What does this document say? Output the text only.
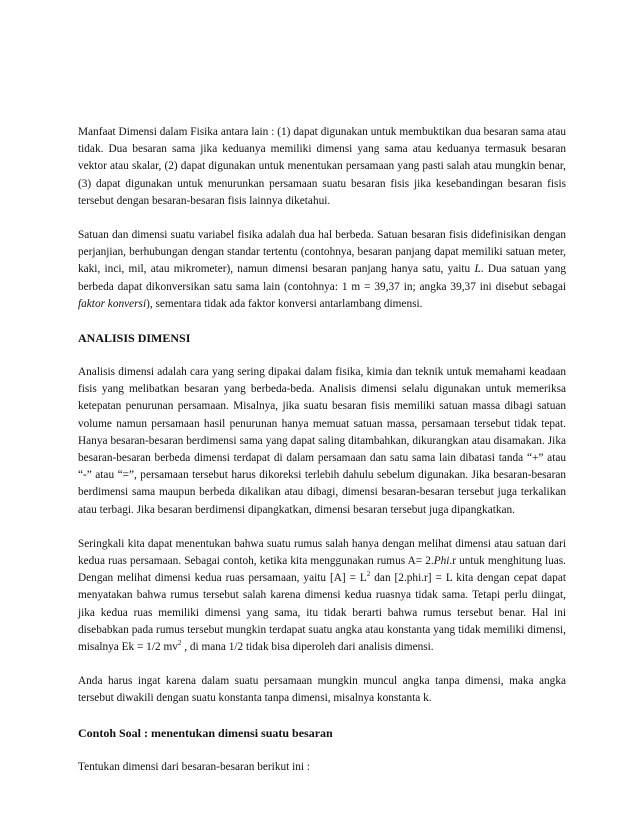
Manfaat Dimensi dalam Fisika antara lain : (1) dapat digunakan untuk membuktikan dua besaran sama atau tidak. Dua besaran sama jika keduanya memiliki dimensi yang sama atau keduanya termasuk besaran vektor atau skalar, (2) dapat digunakan untuk menentukan persamaan yang pasti salah atau mungkin benar, (3) dapat digunakan untuk menurunkan persamaan suatu besaran fisis jika kesebandingan besaran fisis tersebut dengan besaran-besaran fisis lainnya diketahui.

Satuan dan dimensi suatu variabel fisika adalah dua hal berbeda. Satuan besaran fisis didefinisikan dengan perjanjian, berhubungan dengan standar tertentu (contohnya, besaran panjang dapat memiliki satuan meter, kaki, inci, mil, atau mikrometer), namun dimensi besaran panjang hanya satu, yaitu L. Dua satuan yang berbeda dapat dikonversikan satu sama lain (contohnya: 1 m = 39,37 in; angka 39,37 ini disebut sebagai faktor konversi), sementara tidak ada faktor konversi antarlambang dimensi.

ANALISIS DIMENSI

Analisis dimensi adalah cara yang sering dipakai dalam fisika, kimia dan teknik untuk memahami keadaan fisis yang melibatkan besaran yang berbeda-beda. Analisis dimensi selalu digunakan untuk memeriksa ketepatan penurunan persamaan. Misalnya, jika suatu besaran fisis memiliki satuan massa dibagi satuan volume namun persamaan hasil penurunan hanya memuat satuan massa, persamaan tersebut tidak tepat. Hanya besaran-besaran berdimensi sama yang dapat saling ditambahkan, dikurangkan atau disamakan. Jika besaran-besaran berbeda dimensi terdapat di dalam persamaan dan satu sama lain dibatasi tanda “+” atau “-” atau “=”, persamaan tersebut harus dikoreksi terlebih dahulu sebelum digunakan. Jika besaran-besaran berdimensi sama maupun berbeda dikalikan atau dibagi, dimensi besaran-besaran tersebut juga terkalikan atau terbagi. Jika besaran berdimensi dipangkatkan, dimensi besaran tersebut juga dipangkatkan.

Seringkali kita dapat menentukan bahwa suatu rumus salah hanya dengan melihat dimensi atau satuan dari kedua ruas persamaan. Sebagai contoh, ketika kita menggunakan rumus A= 2.Phi.r untuk menghitung luas. Dengan melihat dimensi kedua ruas persamaan, yaitu $[A] = L^2$ dan [2.phi.r] = L kita dengan cepat dapat menyatakan bahwa rumus tersebut salah karena dimensi kedua ruasnya tidak sama. Tetapi perlu diingat, jika kedua ruas memiliki dimensi yang sama, itu tidak berarti bahwa rumus tersebut benar. Hal ini disebabkan pada rumus tersebut mungkin terdapat suatu angka atau konstanta yang tidak memiliki dimensi, misalnya Ek = 1/2 $mv^2$ , di mana 1/2 tidak bisa diperoleh dari analisis dimensi.

Anda harus ingat karena dalam suatu persamaan mungkin muncul angka tanpa dimensi, maka angka tersebut diwakili dengan suatu konstanta tanpa dimensi, misalnya konstanta k.

Contoh Soal : menentukan dimensi suatu besaran

Tentukan dimensi dari besaran-besaran berikut ini :
